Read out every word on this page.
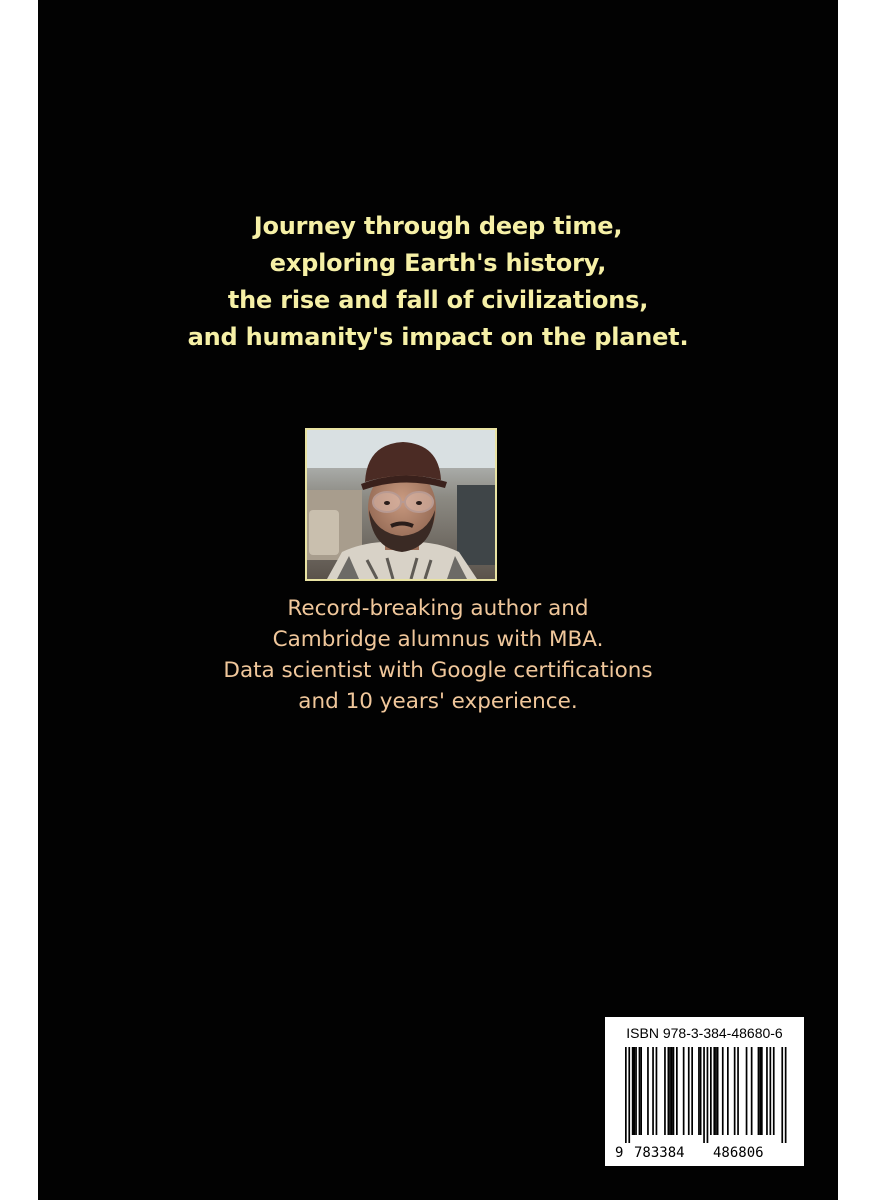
Journey through deep time,
exploring Earth's history,
the rise and fall of civilizations,
and humanity's impact on the planet.
Record-breaking author and
Cambridge alumnus with MBA.
Data scientist with Google certifications
and 10 years' experience.
ISBN 978-3-384-48680-6
9 783384 486806
